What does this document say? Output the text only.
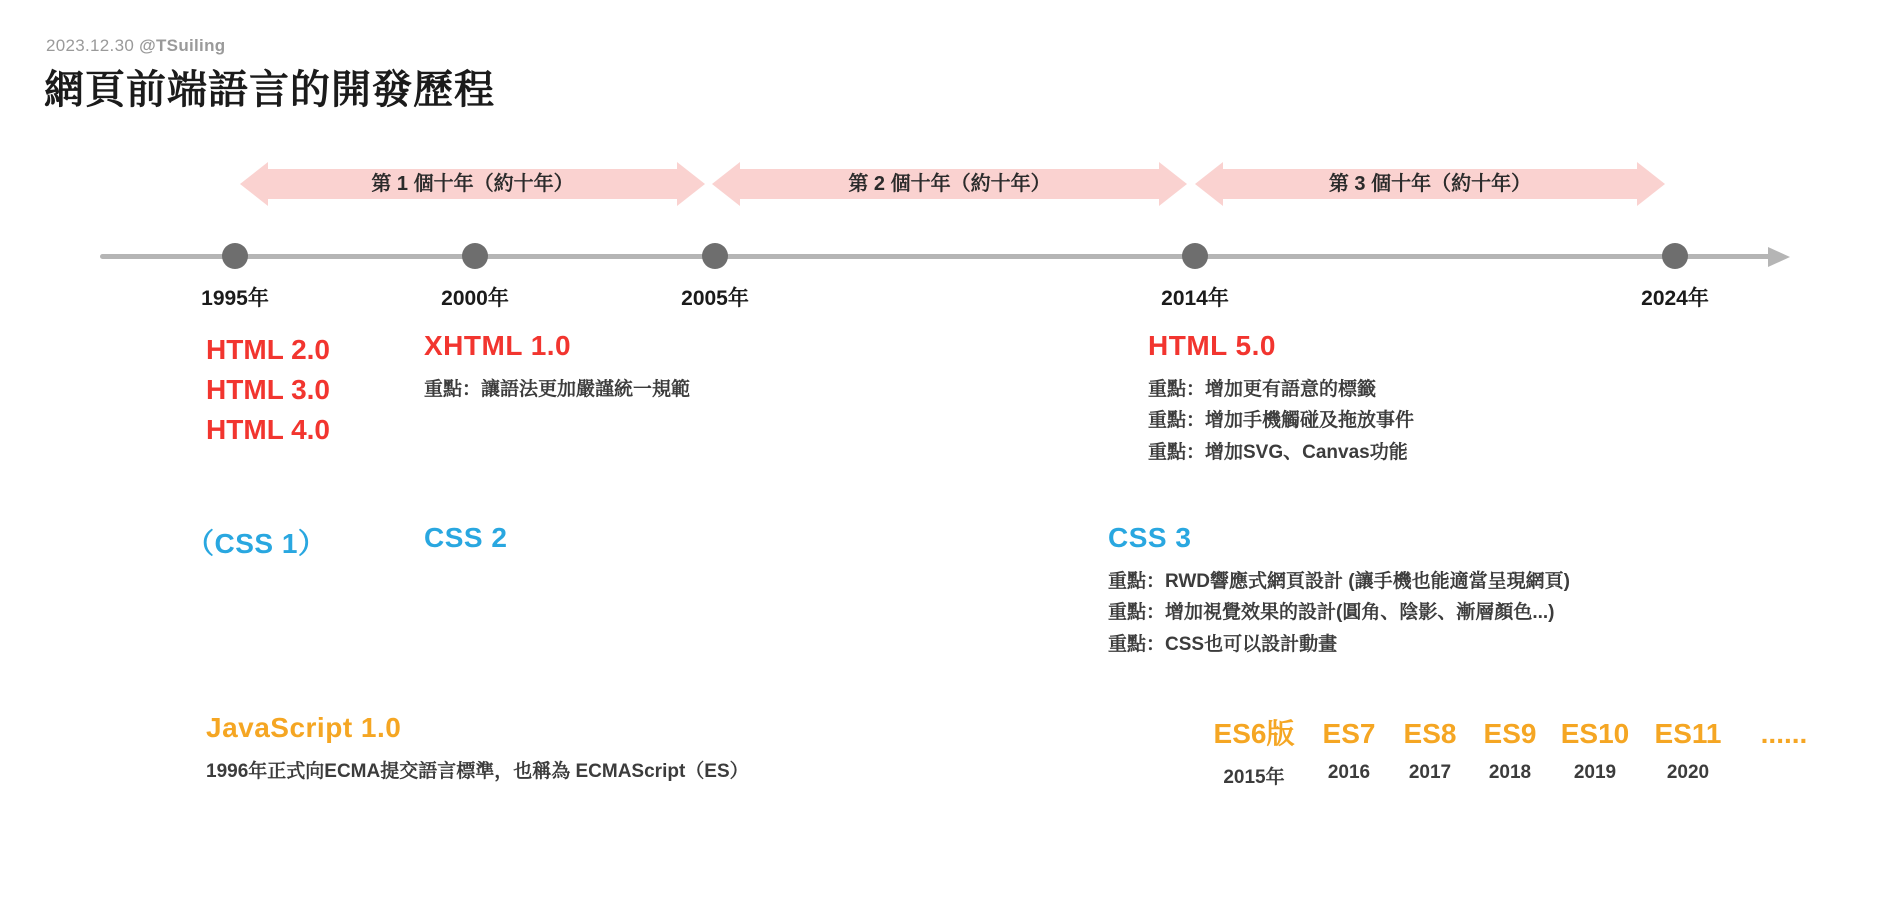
2023.12.30 @TSuiling
網頁前端語言的開發歷程
第 1 個十年（約十年）	第 2 個十年（約十年）	第 3 個十年（約十年）
1995年	2000年	2005年	2014年	2024年
HTML 2.0
HTML 3.0
HTML 4.0
XHTML 1.0
重點：讓語法更加嚴謹統一規範
HTML 5.0
重點：增加更有語意的標籤
重點：增加手機觸碰及拖放事件
重點：增加SVG、Canvas功能
（CSS 1）	CSS 2	CSS 3
重點：RWD響應式網頁設計 (讓手機也能適當呈現網頁)
重點：增加視覺效果的設計(圓角、陰影、漸層顏色...)
重點：CSS也可以設計動畫
JavaScript 1.0
1996年正式向ECMA提交語言標準，也稱為 ECMAScript（ES）
ES6版	ES7	ES8 ES9 ES10 ES11	......
2015年	2016	2017	2018	2019	2020
